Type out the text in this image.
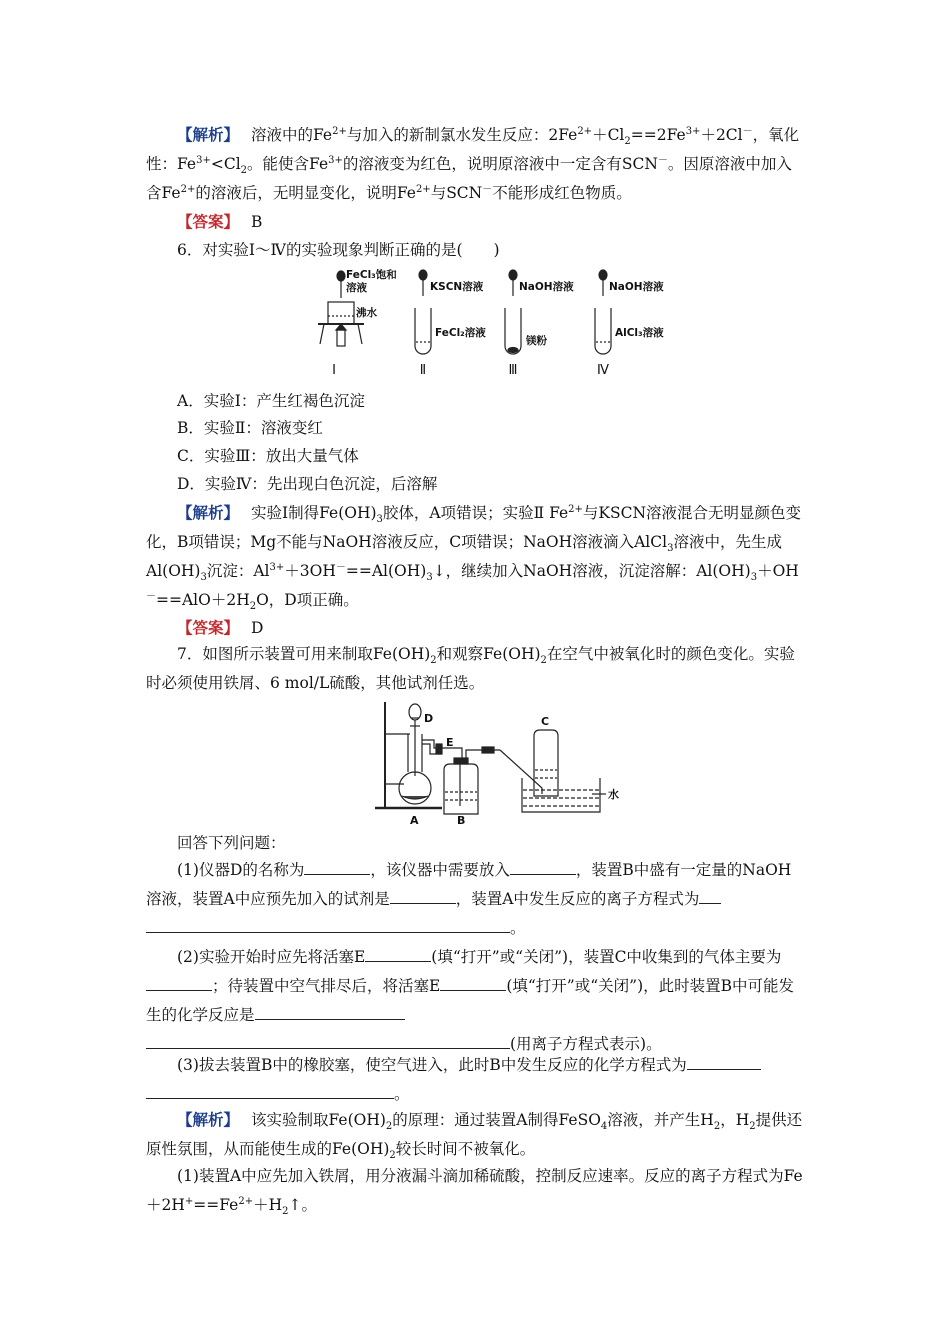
【解析】 溶液中的$Fe^{2+}$与加入的新制氯水发生反应：$2Fe^{2+}+Cl_2==2Fe^{3+}+2Cl^-$，氧化性：$Fe^{3+}<Cl_2$。能使含$Fe^{3+}$的溶液变为红色，说明原溶液中一定含有SCN－。因原溶液中加入含$Fe^{2+}$的溶液后，无明显变化，说明$Fe^{2+}$与SCN－不能形成红色物质。

【答案】 B

6．对实验Ⅰ～Ⅳ的实验现象判断正确的是(　　)

FeCl₃饱和
溶液
沸水
KSCN溶液
FeCl₂溶液
NaOH溶液
镁粉
NaOH溶液
AlCl₃溶液
Ⅰ	Ⅱ	Ⅲ	Ⅳ

A．实验Ⅰ：产生红褐色沉淀

B．实验Ⅱ：溶液变红

C．实验Ⅲ：放出大量气体

D．实验Ⅳ：先出现白色沉淀，后溶解

【解析】 实验Ⅰ制得$Fe(OH)_3$胶体，A项错误；实验Ⅱ $Fe^{2+}$与KSCN溶液混合无明显颜色变化，B项错误；Mg不能与NaOH溶液反应，C项错误；NaOH溶液滴入AlCl$_3$溶液中，先生成$Al(OH)_3$沉淀：$Al^{3+}+3OH^-==Al(OH)_3↓$，继续加入NaOH溶液，沉淀溶解：$Al(OH)_3+OH^-==AlO+2H_2O$，D项正确。

【答案】 D

7．如图所示装置可用来制取$Fe(OH)_2$和观察$Fe(OH)_2$在空气中被氧化时的颜色变化。实验时必须使用铁屑、6 mol/L硫酸，其他试剂任选。

D
E
C
水
A	B

回答下列问题：

(1)仪器D的名称为	，该仪器中需要放入	，装置B中盛有一定量的NaOH溶液，装置A中应预先加入的试剂是	，装置A中发生反应的离子方程式为
。

(2)实验开始时应先将活塞E	(填“打开”或“关闭”)，装置C中收集到的气体主要为；待装置中空气排尽后，将活塞E	(填“打开”或“关闭”)，此时装置B中可能发生的化学反应是
(用离子方程式表示)。

(3)拔去装置B中的橡胶塞，使空气进入，此时B中发生反应的化学方程式为
。

【解析】 该实验制取$Fe(OH)_2$的原理：通过装置A制得FeSO$_4$溶液，并产生$H_2$，$H_2$提供还原性氛围，从而能使生成的$Fe(OH)_2$较长时间不被氧化。

(1)装置A中应先加入铁屑，用分液漏斗滴加稀硫酸，控制反应速率。反应的离子方程式为$Fe+2H^+==Fe^{2+}+H_2↑$。
